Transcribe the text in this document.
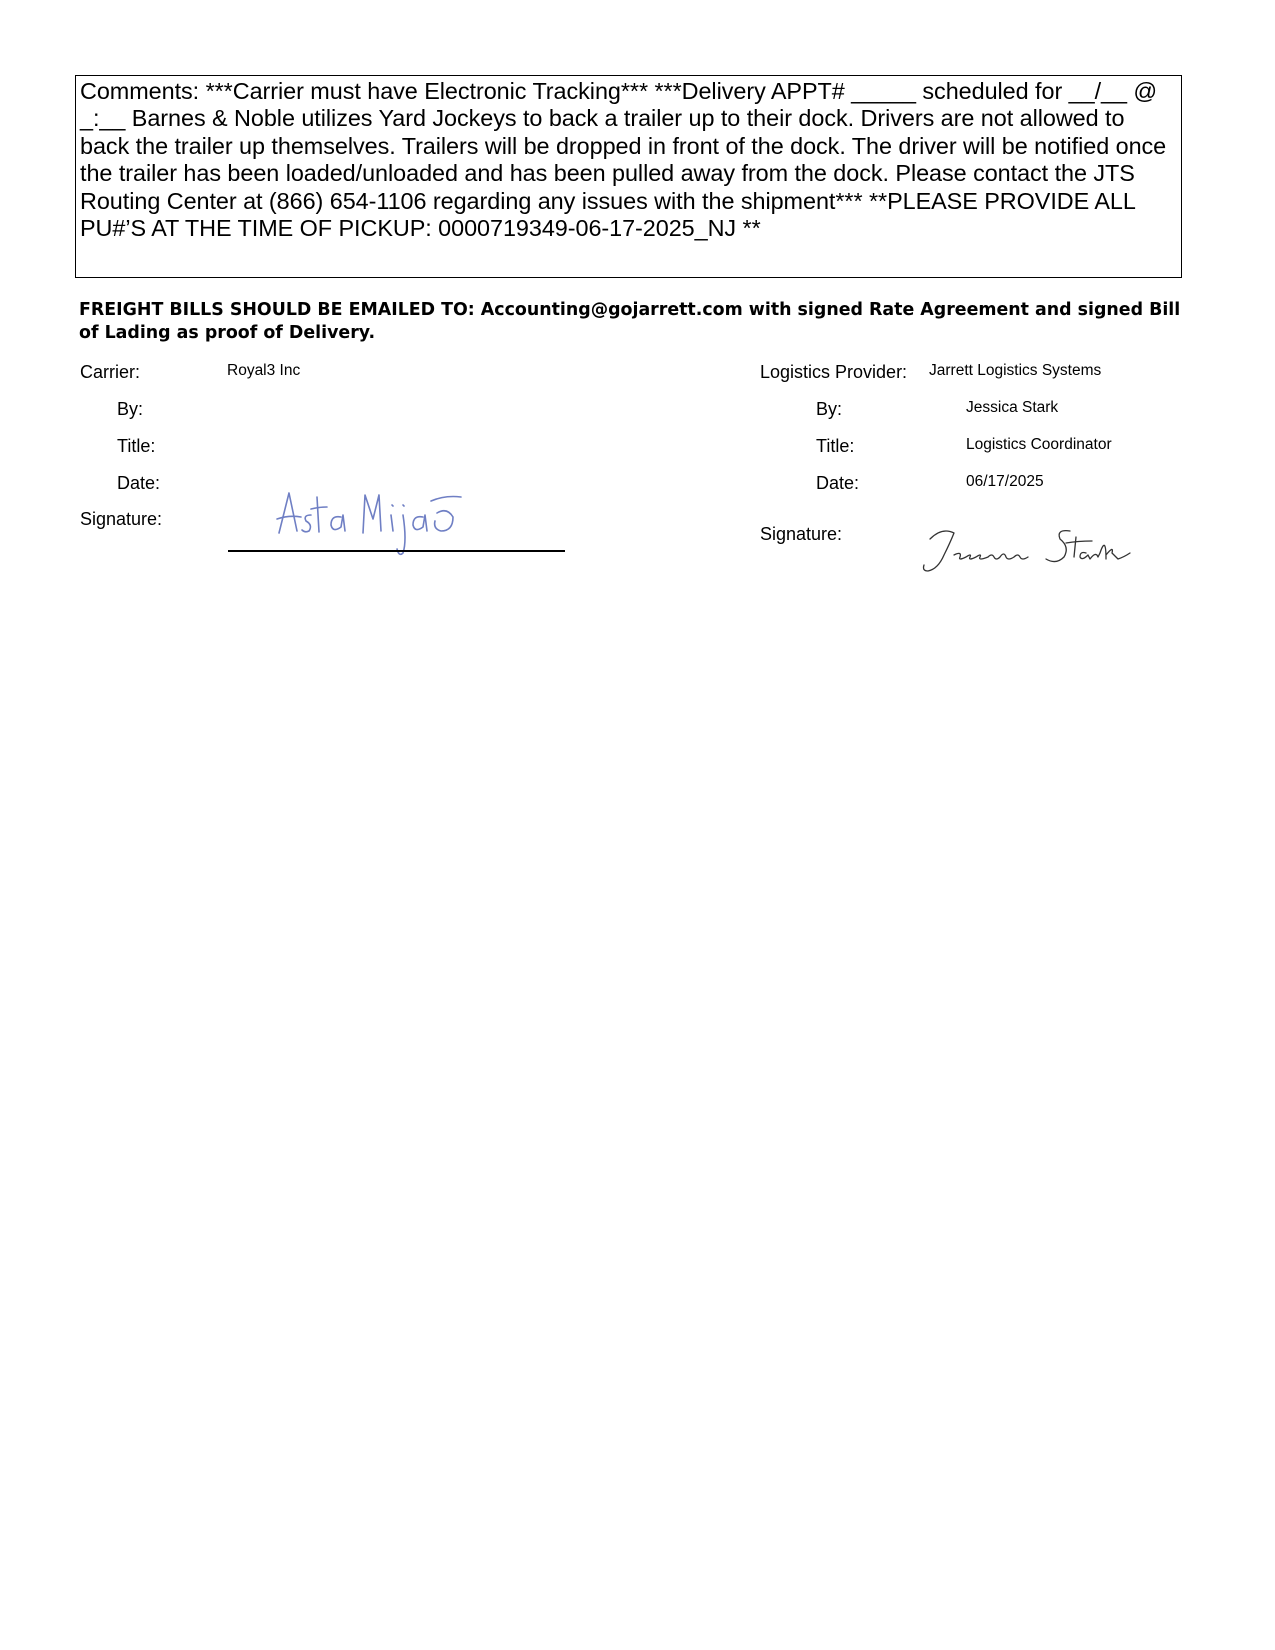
Comments: ***Carrier must have Electronic Tracking*** ***Delivery APPT# _____ scheduled for __/__ @ _:__ Barnes & Noble utilizes Yard Jockeys to back a trailer up to their dock. Drivers are not allowed to back the trailer up themselves. Trailers will be dropped in front of the dock. The driver will be notified once the trailer has been loaded/unloaded and has been pulled away from the dock. Please contact the JTS Routing Center at (866) 654-1106 regarding any issues with the shipment*** **PLEASE PROVIDE ALL PU#’S AT THE TIME OF PICKUP: 0000719349-06-17-2025_NJ **
FREIGHT BILLS SHOULD BE EMAILED TO: Accounting@gojarrett.com with signed Rate Agreement and signed Bill of Lading as proof of Delivery.
Carrier:	Royal3 Inc
By:
Title:
Date:
Signature:
Logistics Provider: Jarrett Logistics Systems
By:	Jessica Stark
Title:	Logistics Coordinator
Date:	06/17/2025
Signature:
